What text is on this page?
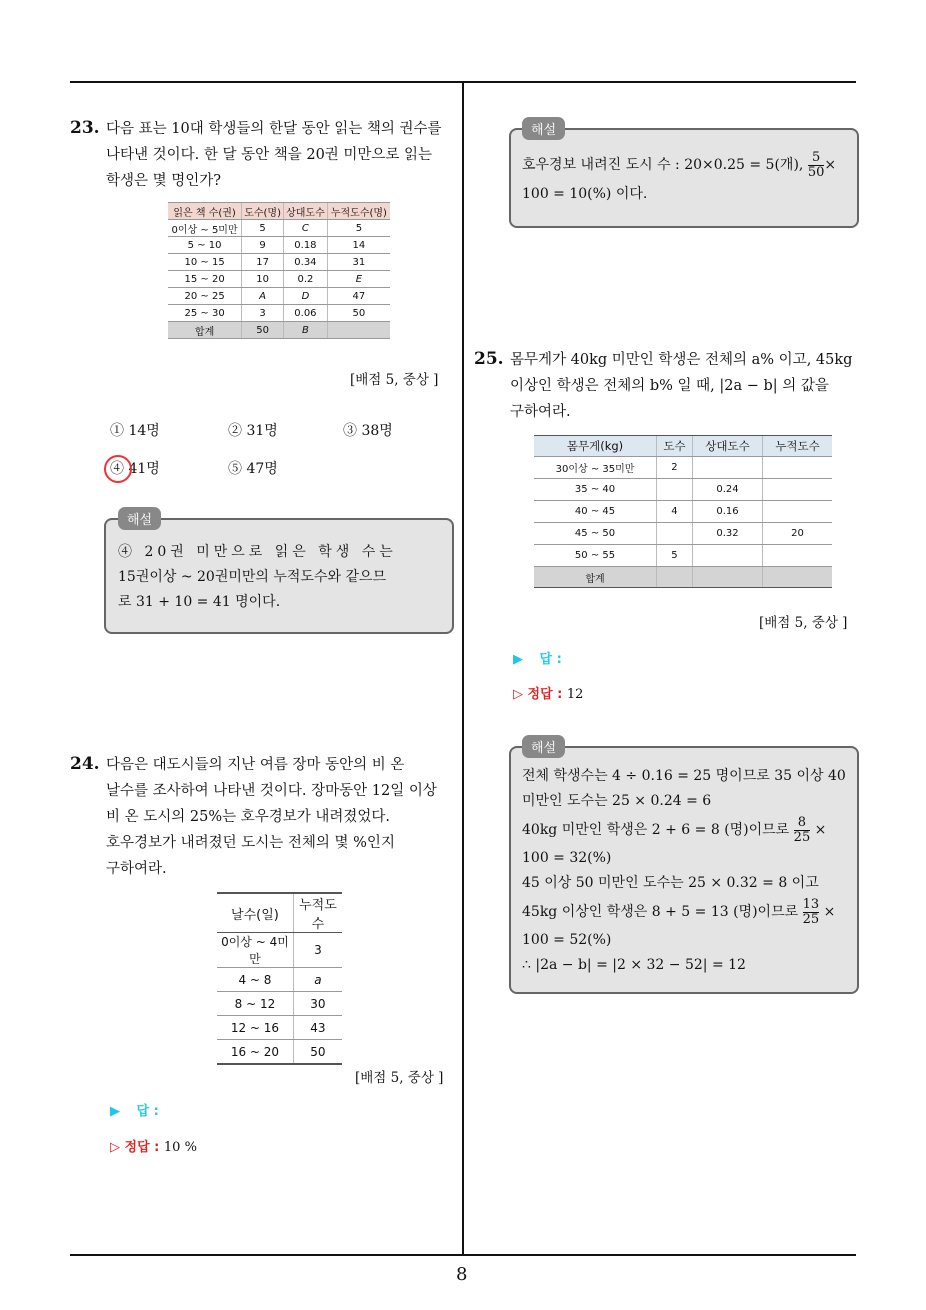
23. 다음 표는 10대 학생들의 한달 동안 읽는 책의 권수를
나타낸 것이다. 한 달 동안 책을 20권 미만으로 읽는
학생은 몇 명인가?
읽은 책 수(권)	도수(명)	상대도수	누적도수(명)
0이상 ~ 5미만	5	C	5
5 ~ 10	9	0.18	14
10 ~ 15	17	0.34	31
15 ~ 20	10	0.2	E
20 ~ 25	A	D	47
25 ~ 30	3	0.06	50
합계	50	B	
[배점 5, 중상 ]
① 14명	② 31명	③ 38명
④ 41명	⑤ 47명
해설
④ 20권 미만으로 읽은 학생 수는
15권이상 ~ 20권미만의 누적도수와 같으므
로 31 + 10 = 41 명이다.
24. 다음은 대도시들의 지난 여름 장마 동안의 비 온
날수를 조사하여 나타낸 것이다. 장마동안 12일 이상
비 온 도시의 25%는 호우경보가 내려졌었다.
호우경보가 내려졌던 도시는 전체의 몇 %인지
구하여라.
날수(일)	누적도수
0이상 ~ 4미만	3
4 ~ 8	a
8 ~ 12	30
12 ~ 16	43
16 ~ 20	50
[배점 5, 중상 ]
▶ 답 :
▷ 정답 : 10 %
해설
호우경보 내려진 도시 수 : 20×0.25 = 5(개), $\frac{5}{50}$ ×
100 = 10(%) 이다.
25. 몸무게가 40kg 미만인 학생은 전체의 a% 이고, 45kg
이상인 학생은 전체의 b% 일 때, |2a − b| 의 값을
구하여라.
몸무게(kg)	도수	상대도수	누적도수
30이상 ~ 35미만	2		
35 ~ 40		0.24	
40 ~ 45	4	0.16	
45 ~ 50		0.32	20
50 ~ 55	5		
합계			
[배점 5, 중상 ]
▶ 답 :
▷ 정답 : 12
해설
전체 학생수는 4 ÷ 0.16 = 25 명이므로 35 이상 40
미만인 도수는 25 × 0.24 = 6
40kg 미만인 학생은 2 + 6 = 8 (명)이므로 $\frac{8}{25}$ ×
100 = 32(%)
45 이상 50 미만인 도수는 25 × 0.32 = 8 이고
45kg 이상인 학생은 8 + 5 = 13 (명)이므로 $\frac{13}{25}$ ×
100 = 52(%)
∴ |2a − b| = |2 × 32 − 52| = 12
8
